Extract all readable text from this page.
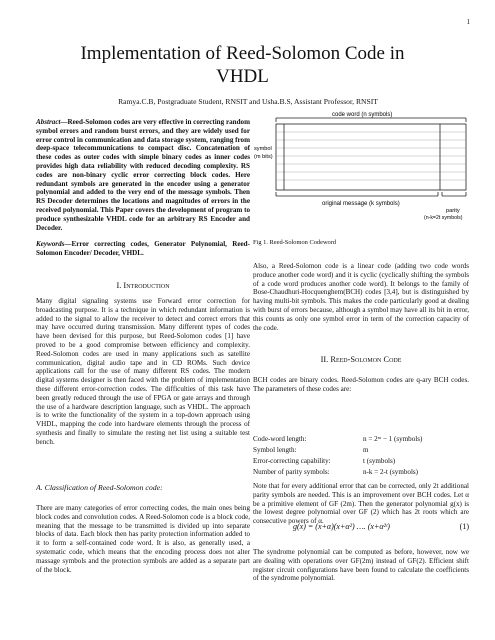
1
Implementation of Reed-Solomon Code in VHDL
Ramya.C.B, Postgraduate Student, RNSIT and Usha.B.S, Assistant Professor, RNSIT
Abstract—Reed-Solomon codes are very effective in correcting random symbol errors and random burst errors, and they are widely used for error control in communication and data storage system, ranging from deep-space telecommunications to compact disc. Concatenation of these codes as outer codes with simple binary codes as inner codes provides high data reliability with reduced decoding complexity. RS codes are non-binary cyclic error correcting block codes. Here redundant symbols are generated in the encoder using a generator polynomial and added to the very end of the message symbols. Then RS Decoder determines the locations and magnitudes of errors in the received polynomial. This Paper covers the development of program to produce synthesizable VHDL code for an arbitrary RS Encoder and Decoder.
Keywords—Error correcting codes, Generator Polynomial, Reed-Solomon Encoder/ Decoder, VHDL.
I. Introduction
Many digital signaling systems use Forward error correction for broadcasting purpose. It is a technique in which redundant information is added to the signal to allow the receiver to detect and correct errors that may have occurred during transmission. Many different types of codes have been devised for this purpose, but Reed-Solomon codes [1] have proved to be a good compromise between efficiency and complexity. Reed-Solomon codes are used in many applications such as satellite communication, digital audio tape and in CD ROMs. Such device applications call for the use of many different RS codes. The modern digital systems designer is then faced with the problem of implementation these different error-correction codes. The difficulties of this task have been greatly reduced through the use of FPGA or gate arrays and through the use of a hardware description language, such as VHDL. The approach is to write the functionality of the system in a top-down approach using VHDL, mapping the code into hardware elements through the process of synthesis and finally to simulate the resting net list using a suitable test bench.
A. Classification of Reed-Solomon code:
There are many categories of error correcting codes, the main ones being block codes and convolution codes. A Reed-Solomon code is a block code, meaning that the message to be transmitted is divided up into separate blocks of data. Each block then has parity protection information added to it to form a self-contained code word. It is also, as generally used, a systematic code, which means that the encoding process does not alter massage symbols and the protection symbols are added as a separate part of the block.
code word (n symbols)
symbol
(m bits)
original message (k symbols)
parity
(n-k=2t symbols)
Fig 1. Reed-Solomon Codeword
Also, a Reed-Solomon code is a linear code (adding two code words produce another code word) and it is cyclic (cyclically shifting the symbols of a code word produces another code word). It belongs to the family of Bose-Chaudhuri-Hocquenghem(BCH) codes [3,4], but is distinguished by having multi-bit symbols. This makes the code particularly good at dealing with burst of errors because, although a symbol may have all its bit in error, this counts as only one symbol error in term of the correction capacity of the code.
II. Reed-Solomon Code
BCH codes are binary codes. Reed-Solomon codes are q-ary BCH codes. The parameters of these codes are:
Code-word length:	n = 2ᵐ − 1 (symbols)
Symbol length:	m
Error-correcting capability:	t (symbols)
Number of parity symbols:	n-k = 2-t (symbols)
Note that for every additional error that can be corrected, only 2t additional parity symbols are needed. This is an improvement over BCH codes. Let α be a primitive element of GF (2m). Then the generator polynomial g(x) is the lowest degree polynomial over GF (2) which has 2t roots which are consecutive powers of α.
g(x) = (x+α)(x+α²) …. (x+α²ᵗ)	(1)
The syndrome polynomial can be computed as before, however, now we are dealing with operations over GF(2m) instead of GF(2). Efficient shift register circuit configurations have been found to calculate the coefficients of the syndrome polynomial.
